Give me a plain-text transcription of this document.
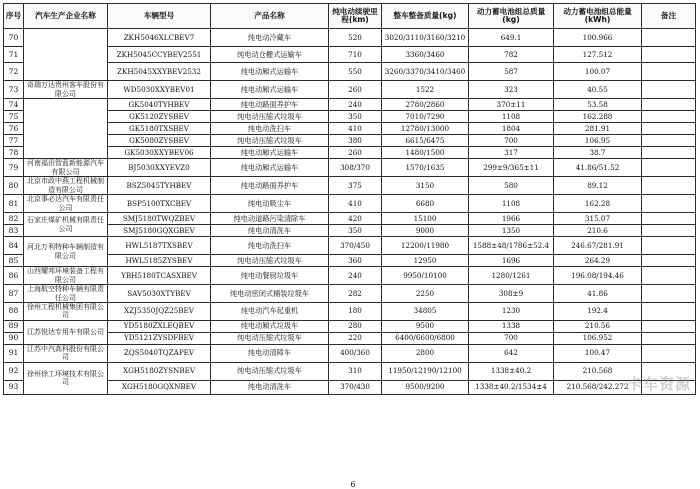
序号	汽车生产企业名称	车辆型号	产品名称	纯电动续驶里程(km)	整车整备质量(kg)	动力蓄电池组总质量(kg)	动力蓄电池组总能量(kWh)	备注
70		ZKH5046XLCBEV7	纯电动冷藏车	520	3020/3110/3160/3210	649.1	100.966	
71		ZKH5045CCYBEV2551	纯电动仓栅式运输车	710	3360/3460	782	127.512	
72		ZKH5045XXYBEV2532	纯电动厢式运输车	550	3260/3370/3410/3460	587	100.07	
73	奇瑞万达贵州客车股份有限公司	WD5030XXYBEV01	纯电动厢式运输车	260	1522	323	40.55	
74		GK5040TYHBEV	纯电动路面养护车	240	2780/2860	370±11	53.58	
75		GK5120ZYSBEV	纯电动压缩式垃圾车	350	7010/7290	1108	162.288	
76		GK5180TXSBEV	纯电动洗扫车	410	12780/13000	1804	281.91	
77		GK5080ZYSBEV	纯电动压缩式垃圾车	380	6615/6475	700	106.95	
78		GK5030XXYBEV06	纯电动厢式运输车	260	1480/1500	317	38.7	
79	河南福田智蓝新能源汽车有限公司	BJ5030XXYEVZ0	纯电动厢式运输车	308/370	1570/1635	299±9/365±11	41.86/51.52	
80	北京市政中燕工程机械制造有限公司	BSZ5045TYHBEV	纯电动路面养护车	375	3150	580	89.12	
81	北京事必达汽车有限责任公司	BSP5100TXCBEV	纯电动吸尘车	410	6680	1108	162.28	
82	石家庄煤矿机械有限责任公司	SMJ5180TWQZBEV	纯电动道路污染清除车	420	15100	1966	315.07	
83		SMJ5180GQXGBEV	纯电动清洗车	350	9000	1350	210.6	
84	河北万利特种车辆制造有限公司	HWL5187TXSBEV	纯电动洗扫车	370/450	12200/11980	1588±48/1786±52.4	246.67/281.91	
85		HWL5185ZYSBEV	纯电动压缩式垃圾车	360	12950	1696	264.29	
86	山西耀邦环境装备工程有限公司	YBH5180TCASXBEV	纯电动餐厨垃圾车	240	9950/10100	1280/1261	196.08/194.46	
87	上海航空特种车辆有限责任公司	SAV5030XTYBEV	纯电动密闭式桶装垃圾车	282	2250	308±9	41.86	
88	徐州工程机械集团有限公司	XZJ5350JQZ25BEV	纯电动汽车起重机	180	34805	1230	192.4	
89	江苏悦达专用车有限公司	YD5180ZXLEQBEV	纯电动厢式垃圾车	280	9500	1338	210.56	
90		YD5121ZYSDFBEV	纯电动压缩式垃圾车	220	6400/6600/6800	700	106.952	
91	江苏中汽高科股份有限公司	ZQS5040TQZAPEV	纯电动清障车	400/360	2800	642	100.47	
92	徐州徐工环境技术有限公司	XGH5180ZYSNBEV	纯电动压缩式垃圾车	310	11950/12190/12100	1338±40.2	210.568	
93		XGH5180GQXNBEV	纯电动清洗车	370/430	9500/9200	1338±40.2/1534±4	210.568/242.272	
6
卡车资源
